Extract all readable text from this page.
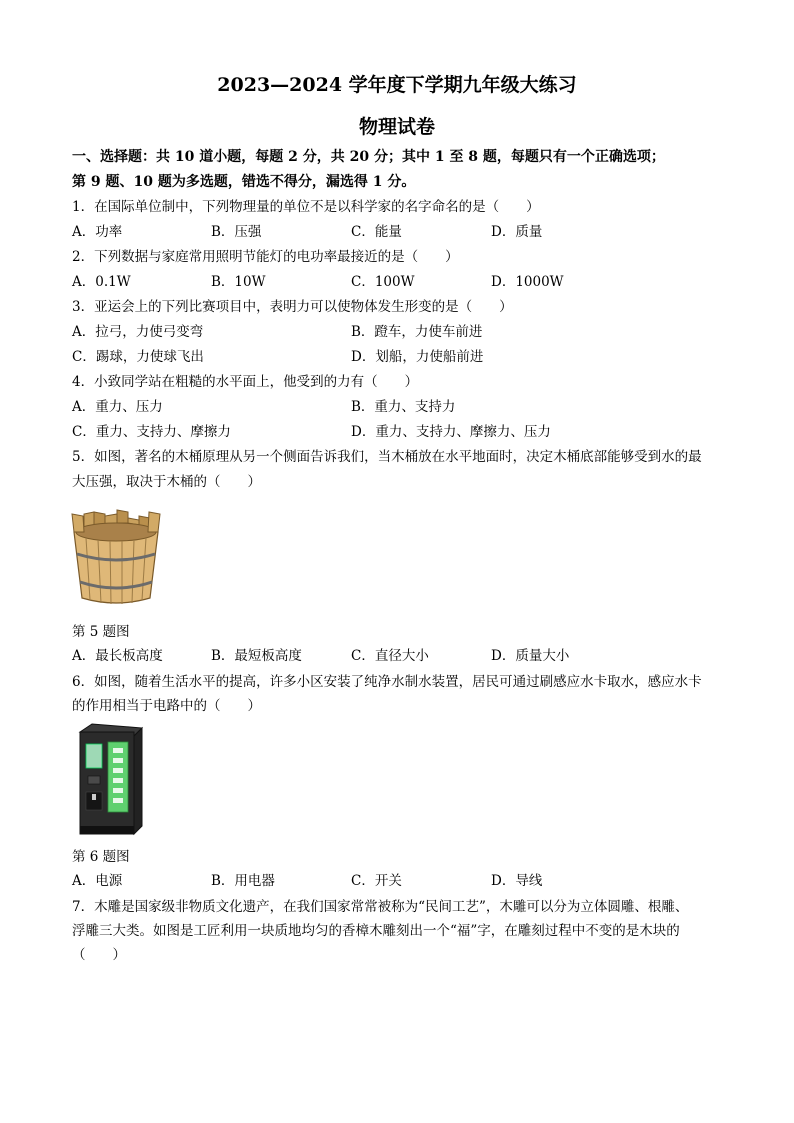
2023—2024 学年度下学期九年级大练习
物理试卷
一、选择题：共 10 道小题，每题 2 分，共 20 分；其中 1 至 8 题，每题只有一个正确选项；
第 9 题、10 题为多选题，错选不得分，漏选得 1 分。
1．在国际单位制中，下列物理量的单位不是以科学家的名字命名的是（　　）
A．功率	B．压强	C．能量	D．质量
2．下列数据与家庭常用照明节能灯的电功率最接近的是（　　）
A．0.1W	B．10W	C．100W	D．1000W
3．亚运会上的下列比赛项目中，表明力可以使物体发生形变的是（　　）
A．拉弓，力使弓变弯	B．蹬车，力使车前进
C．踢球，力使球飞出	D．划船，力使船前进
4．小致同学站在粗糙的水平面上，他受到的力有（　　）
A．重力、压力	B．重力、支持力
C．重力、支持力、摩擦力	D．重力、支持力、摩擦力、压力
5．如图，著名的木桶原理从另一个侧面告诉我们，当木桶放在水平地面时，决定木桶底部能够受到水的最
大压强，取决于木桶的（　　）
第 5 题图
A．最长板高度	B．最短板高度	C．直径大小	D．质量大小
6．如图，随着生活水平的提高，许多小区安装了纯净水制水装置，居民可通过刷感应水卡取水，感应水卡
的作用相当于电路中的（　　）
第 6 题图
A．电源	B．用电器	C．开关	D．导线
7．木雕是国家级非物质文化遗产，在我们国家常常被称为“民间工艺”，木雕可以分为立体圆雕、根雕、
浮雕三大类。如图是工匠利用一块质地均匀的香樟木雕刻出一个“福”字，在雕刻过程中不变的是木块的
（　　）
